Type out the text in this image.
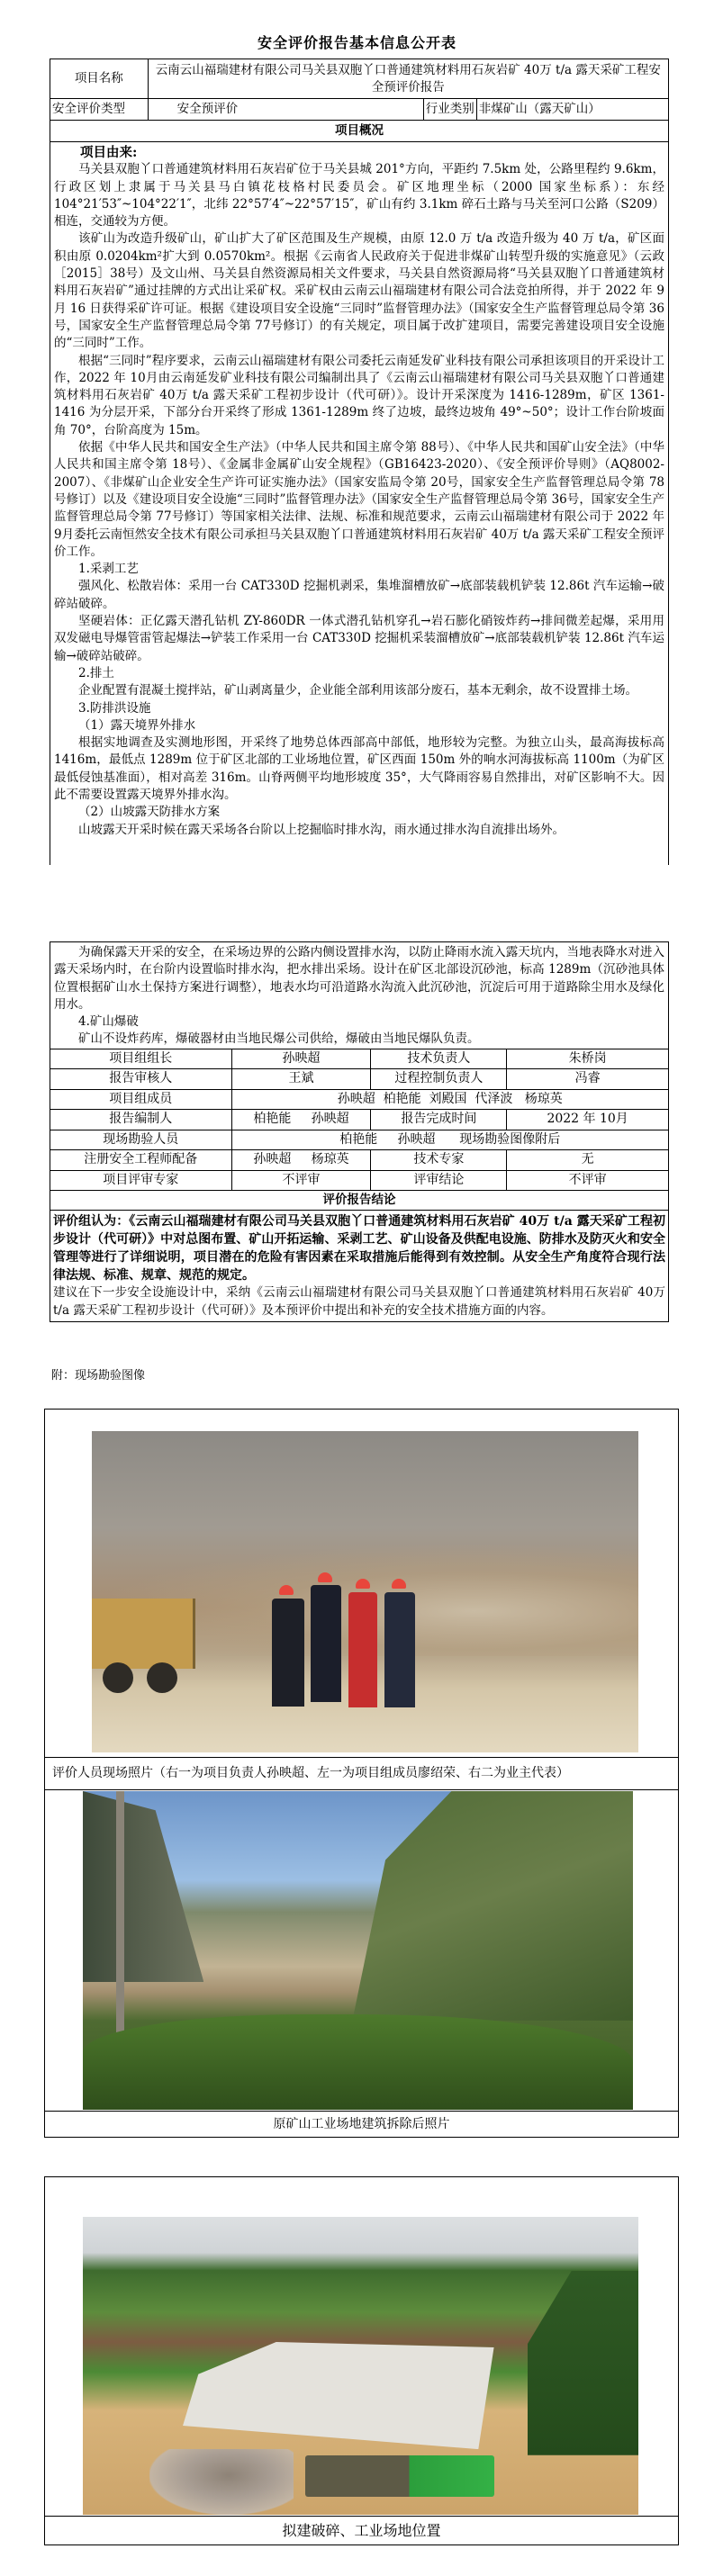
安全评价报告基本信息公开表
项目名称	云南云山福瑞建材有限公司马关县双胞丫口普通建筑材料用石灰岩矿 40万 t/a 露天采矿工程安全预评价报告		
安全评价类型	安全预评价	行业类别	非煤矿山（露天矿山）
项目概况			

项目由来:

马关县双胞丫口普通建筑材料用石灰岩矿位于马关县城 201°方向，平距约 7.5km 处，公路里程约 9.6km，行政区划上隶属于马关县马白镇花枝格村民委员会。矿区地理坐标（2000 国家坐标系）：东经 104°21′53″~104°22′1″，北纬 22°57′4″~22°57′15″，矿山有约 3.1km 碎石土路与马关至河口公路（S209）相连，交通较为方便。

该矿山为改造升级矿山，矿山扩大了矿区范围及生产规模，由原 12.0 万 t/a 改造升级为 40 万 t/a，矿区面积由原 0.0204km²扩大到 0.0570km²。根据《云南省人民政府关于促进非煤矿山转型升级的实施意见》（云政［2015］38号）及文山州、马关县自然资源局相关文件要求，马关县自然资源局将“马关县双胞丫口普通建筑材料用石灰岩矿”通过挂牌的方式出让采矿权。采矿权由云南云山福瑞建材有限公司合法竞拍所得，并于 2022 年 9 月 16 日获得采矿许可证。根据《建设项目安全设施“三同时”监督管理办法》（国家安全生产监督管理总局令第 36号，国家安全生产监督管理总局令第 77号修订）的有关规定，项目属于改扩建项目，需要完善建设项目安全设施的“三同时”工作。

根据“三同时”程序要求，云南云山福瑞建材有限公司委托云南延发矿业科技有限公司承担该项目的开采设计工作，2022 年 10月由云南延发矿业科技有限公司编制出具了《云南云山福瑞建材有限公司马关县双胞丫口普通建筑材料用石灰岩矿 40万 t/a 露天采矿工程初步设计（代可研）》。设计开采深度为 1416-1289m，矿区 1361-1416 为分层开采，下部分台开采终了形成 1361-1289m 终了边坡，最终边坡角 49°~50°；设计工作台阶坡面角 70°，台阶高度为 15m。

依据《中华人民共和国安全生产法》（中华人民共和国主席令第 88号）、《中华人民共和国矿山安全法》（中华人民共和国主席令第 18号）、《金属非金属矿山安全规程》（GB16423-2020）、《安全预评价导则》（AQ8002-2007）、《非煤矿山企业安全生产许可证实施办法》（国家安监局令第 20号，国家安全生产监督管理总局令第 78号修订）以及《建设项目安全设施“三同时”监督管理办法》（国家安全生产监督管理总局令第 36号，国家安全生产监督管理总局令第 77号修订）等国家相关法律、法规、标准和规范要求，云南云山福瑞建材有限公司于 2022 年 9月委托云南恒然安全技术有限公司承担马关县双胞丫口普通建筑材料用石灰岩矿 40万 t/a 露天采矿工程安全预评价工作。

1.采剥工艺

强风化、松散岩体：采用一台 CAT330D 挖掘机剥采，集堆溜槽放矿→底部装载机铲装 12.86t 汽车运输→破碎站破碎。

坚硬岩体：正亿露天潜孔钻机 ZY-860DR 一体式潜孔钻机穿孔→岩石膨化硝铵炸药→排间微差起爆，采用用双发磁电导爆管雷管起爆法→铲装工作采用一台 CAT330D 挖掘机采装溜槽放矿→底部装载机铲装 12.86t 汽车运输→破碎站破碎。

2.排土

企业配置有混凝土搅拌站，矿山剥离量少，企业能全部利用该部分废石，基本无剩余，故不设置排土场。

3.防排洪设施

（1）露天境界外排水

根据实地调查及实测地形图，开采终了地势总体西部高中部低，地形较为完整。为独立山头，最高海拔标高 1416m，最低点 1289m 位于矿区北部的工业场地位置，矿区西面 150m 外的响水河海拔标高 1100m（为矿区最低侵蚀基准面），相对高差 316m。山脊两侧平均地形坡度 35°，大气降雨容易自然排出，对矿区影响不大。因此不需要设置露天境界外排水沟。

（2）山坡露天防排水方案

山坡露天开采时候在露天采场各台阶以上挖掘临时排水沟，雨水通过排水沟自流排出场外。

为确保露天开采的安全，在采场边界的公路内侧设置排水沟，以防止降雨水流入露天坑内，当地表降水对进入露天采场内时，在台阶内设置临时排水沟，把水排出采场。设计在矿区北部设沉砂池，标高 1289m（沉砂池具体位置根据矿山水土保持方案进行调整），地表水均可沿道路水沟流入此沉砂池，沉淀后可用于道路除尘用水及绿化用水。

4.矿山爆破

矿山不设炸药库，爆破器材由当地民爆公司供给，爆破由当地民爆队负责。			

项目组组长	孙映超	技术负责人	朱桥岗
报告审核人	王斌	过程控制负责人	冯睿
项目组成员	孙映超  柏艳能  刘殿国  代泽波   杨琼英		
报告编制人	柏艳能     孙映超	报告完成时间	2022 年 10月
现场勘验人员	柏艳能     孙映超      现场勘验图像附后		
注册安全工程师配备	孙映超     杨琼英	技术专家	无
项目评审专家	不评审	评审结论	不评审
评价报告结论			

评价组认为：《云南云山福瑞建材有限公司马关县双胞丫口普通建筑材料用石灰岩矿 40万 t/a 露天采矿工程初步设计（代可研）》中对总图布置、矿山开拓运输、采剥工艺、矿山设备及供配电设施、防排水及防灭火和安全管理等进行了详细说明，项目潜在的危险有害因素在采取措施后能得到有效控制。从安全生产角度符合现行法律法规、标准、规章、规范的规定。
建议在下一步安全设施设计中，采纳《云南云山福瑞建材有限公司马关县双胞丫口普通建筑材料用石灰岩矿 40万 t/a 露天采矿工程初步设计（代可研）》及本预评价中提出和补充的安全技术措施方面的内容。			
附：现场勘验图像
评价人员现场照片（右一为项目负责人孙映超、左一为项目组成员廖绍荣、右二为业主代表）
原矿山工业场地建筑拆除后照片
拟建破碎、工业场地位置
